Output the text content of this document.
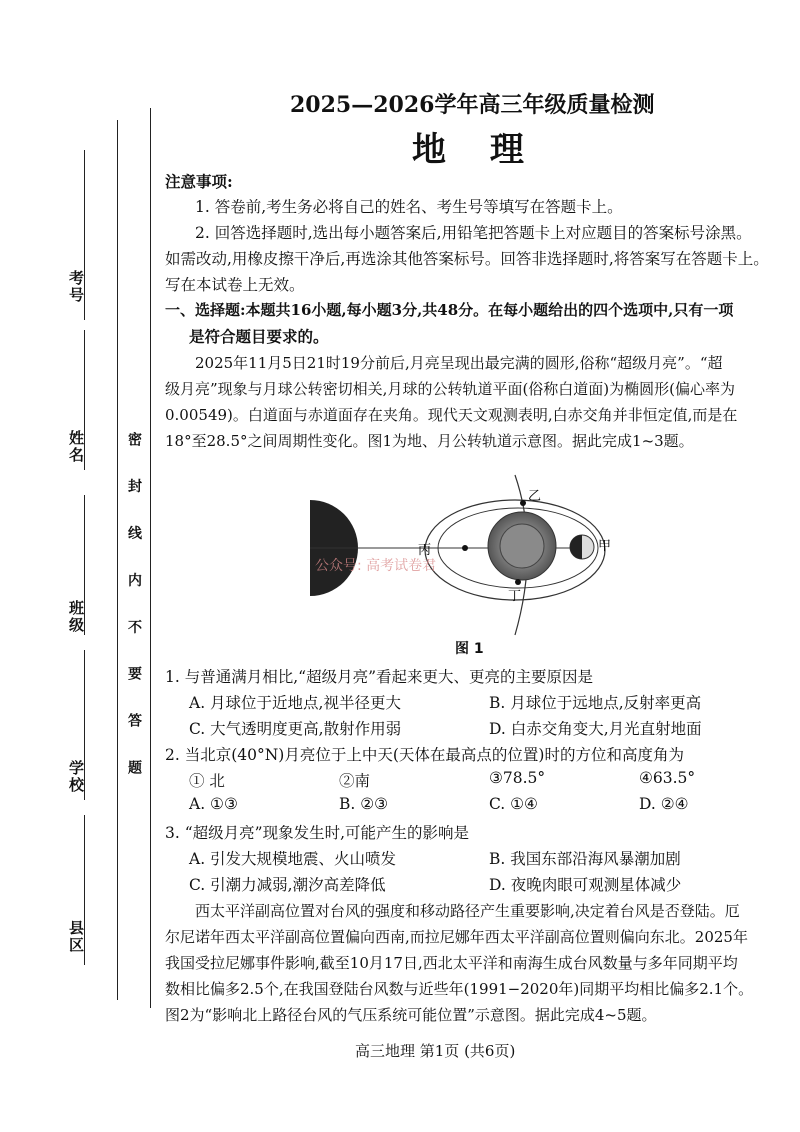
考号
姓名
班级
学校
县区
密 封 线 内 不 要 答 题
2025—2026学年高三年级质量检测
地 理
注意事项:
1. 答卷前,考生务必将自己的姓名、考生号等填写在答题卡上。
2. 回答选择题时,选出每小题答案后,用铅笔把答题卡上对应题目的答案标号涂黑。
如需改动,用橡皮擦干净后,再选涂其他答案标号。回答非选择题时,将答案写在答题卡上。
写在本试卷上无效。
一、选择题:本题共16小题,每小题3分,共48分。在每小题给出的四个选项中,只有一项
是符合题目要求的。
2025年11月5日21时19分前后,月亮呈现出最完满的圆形,俗称“超级月亮”。“超
级月亮”现象与月球公转密切相关,月球的公转轨道平面(俗称白道面)为椭圆形(偏心率为
0.00549)。白道面与赤道面存在夹角。现代天文观测表明,白赤交角并非恒定值,而是在
18°至28.5°之间周期性变化。图1为地、月公转轨道示意图。据此完成1~3题。
乙
丙	甲
丁
公众号: 高考试卷君
图 1
1. 与普通满月相比,“超级月亮”看起来更大、更亮的主要原因是
A. 月球位于近地点,视半径更大	B. 月球位于远地点,反射率更高
C. 大气透明度更高,散射作用弱	D. 白赤交角变大,月光直射地面
2. 当北京(40°N)月亮位于上中天(天体在最高点的位置)时的方位和高度角为
① 北	②南	③78.5°	④63.5°
A. ①③	B. ②③	C. ①④	D. ②④
3. “超级月亮”现象发生时,可能产生的影响是
A. 引发大规模地震、火山喷发	B. 我国东部沿海风暴潮加剧
C. 引潮力减弱,潮汐高差降低	D. 夜晚肉眼可观测星体减少
西太平洋副高位置对台风的强度和移动路径产生重要影响,决定着台风是否登陆。厄
尔尼诺年西太平洋副高位置偏向西南,而拉尼娜年西太平洋副高位置则偏向东北。2025年
我国受拉尼娜事件影响,截至10月17日,西北太平洋和南海生成台风数量与多年同期平均
数相比偏多2.5个,在我国登陆台风数与近些年(1991−2020年)同期平均相比偏多2.1个。
图2为“影响北上路径台风的气压系统可能位置”示意图。据此完成4~5题。
高三地理 第1页 (共6页)
